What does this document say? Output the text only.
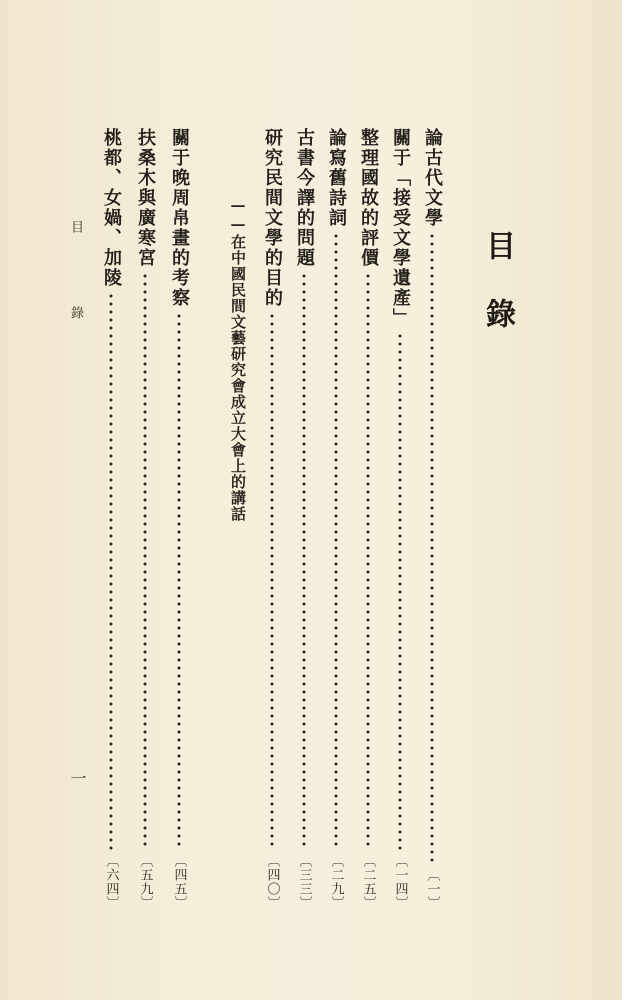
目錄
論古代文學
〔一〕
關于「接受文學遺產」
〔一四〕
整理國故的評價
〔二五〕
論寫舊詩詞
〔二九〕
古書今譯的問題
〔三三〕
研究民間文學的目的
〔四〇〕
——在中國民間文藝研究會成立大會上的講話
關于晚周帛畫的考察
〔四五〕
扶桑木與廣寒宮
〔五九〕
桃都、女媧、加陵
〔六四〕
目　錄
一
